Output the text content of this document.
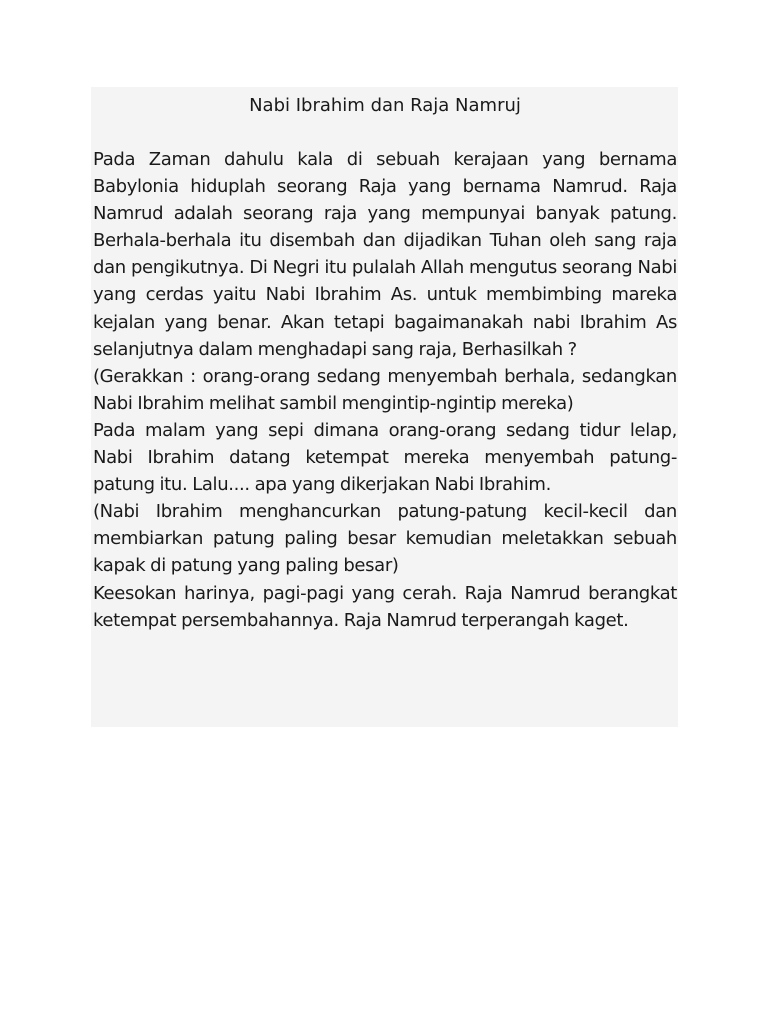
Nabi Ibrahim dan Raja Namruj

Pada Zaman dahulu kala di sebuah kerajaan yang bernama Babylonia hiduplah seorang Raja yang bernama Namrud. Raja Namrud adalah seorang raja yang mempunyai banyak patung. Berhala-berhala itu disembah dan dijadikan Tuhan oleh sang raja dan pengikutnya. Di Negri itu pulalah Allah mengutus seorang Nabi yang cerdas yaitu Nabi Ibrahim As. untuk membimbing mareka kejalan yang benar. Akan tetapi bagaimanakah nabi Ibrahim As selanjutnya dalam menghadapi sang raja, Berhasilkah ?

(Gerakkan : orang-orang sedang menyembah berhala, sedangkan Nabi Ibrahim melihat sambil mengintip-ngintip mereka)

Pada malam yang sepi dimana orang-orang sedang tidur lelap, Nabi Ibrahim datang ketempat mereka menyembah patung-patung itu. Lalu.... apa yang dikerjakan Nabi Ibrahim.

(Nabi Ibrahim menghancurkan patung-patung kecil-kecil dan membiarkan patung paling besar kemudian meletakkan sebuah kapak di patung yang paling besar)

Keesokan harinya, pagi-pagi yang cerah. Raja Namrud berangkat ketempat persembahannya. Raja Namrud terperangah kaget.
